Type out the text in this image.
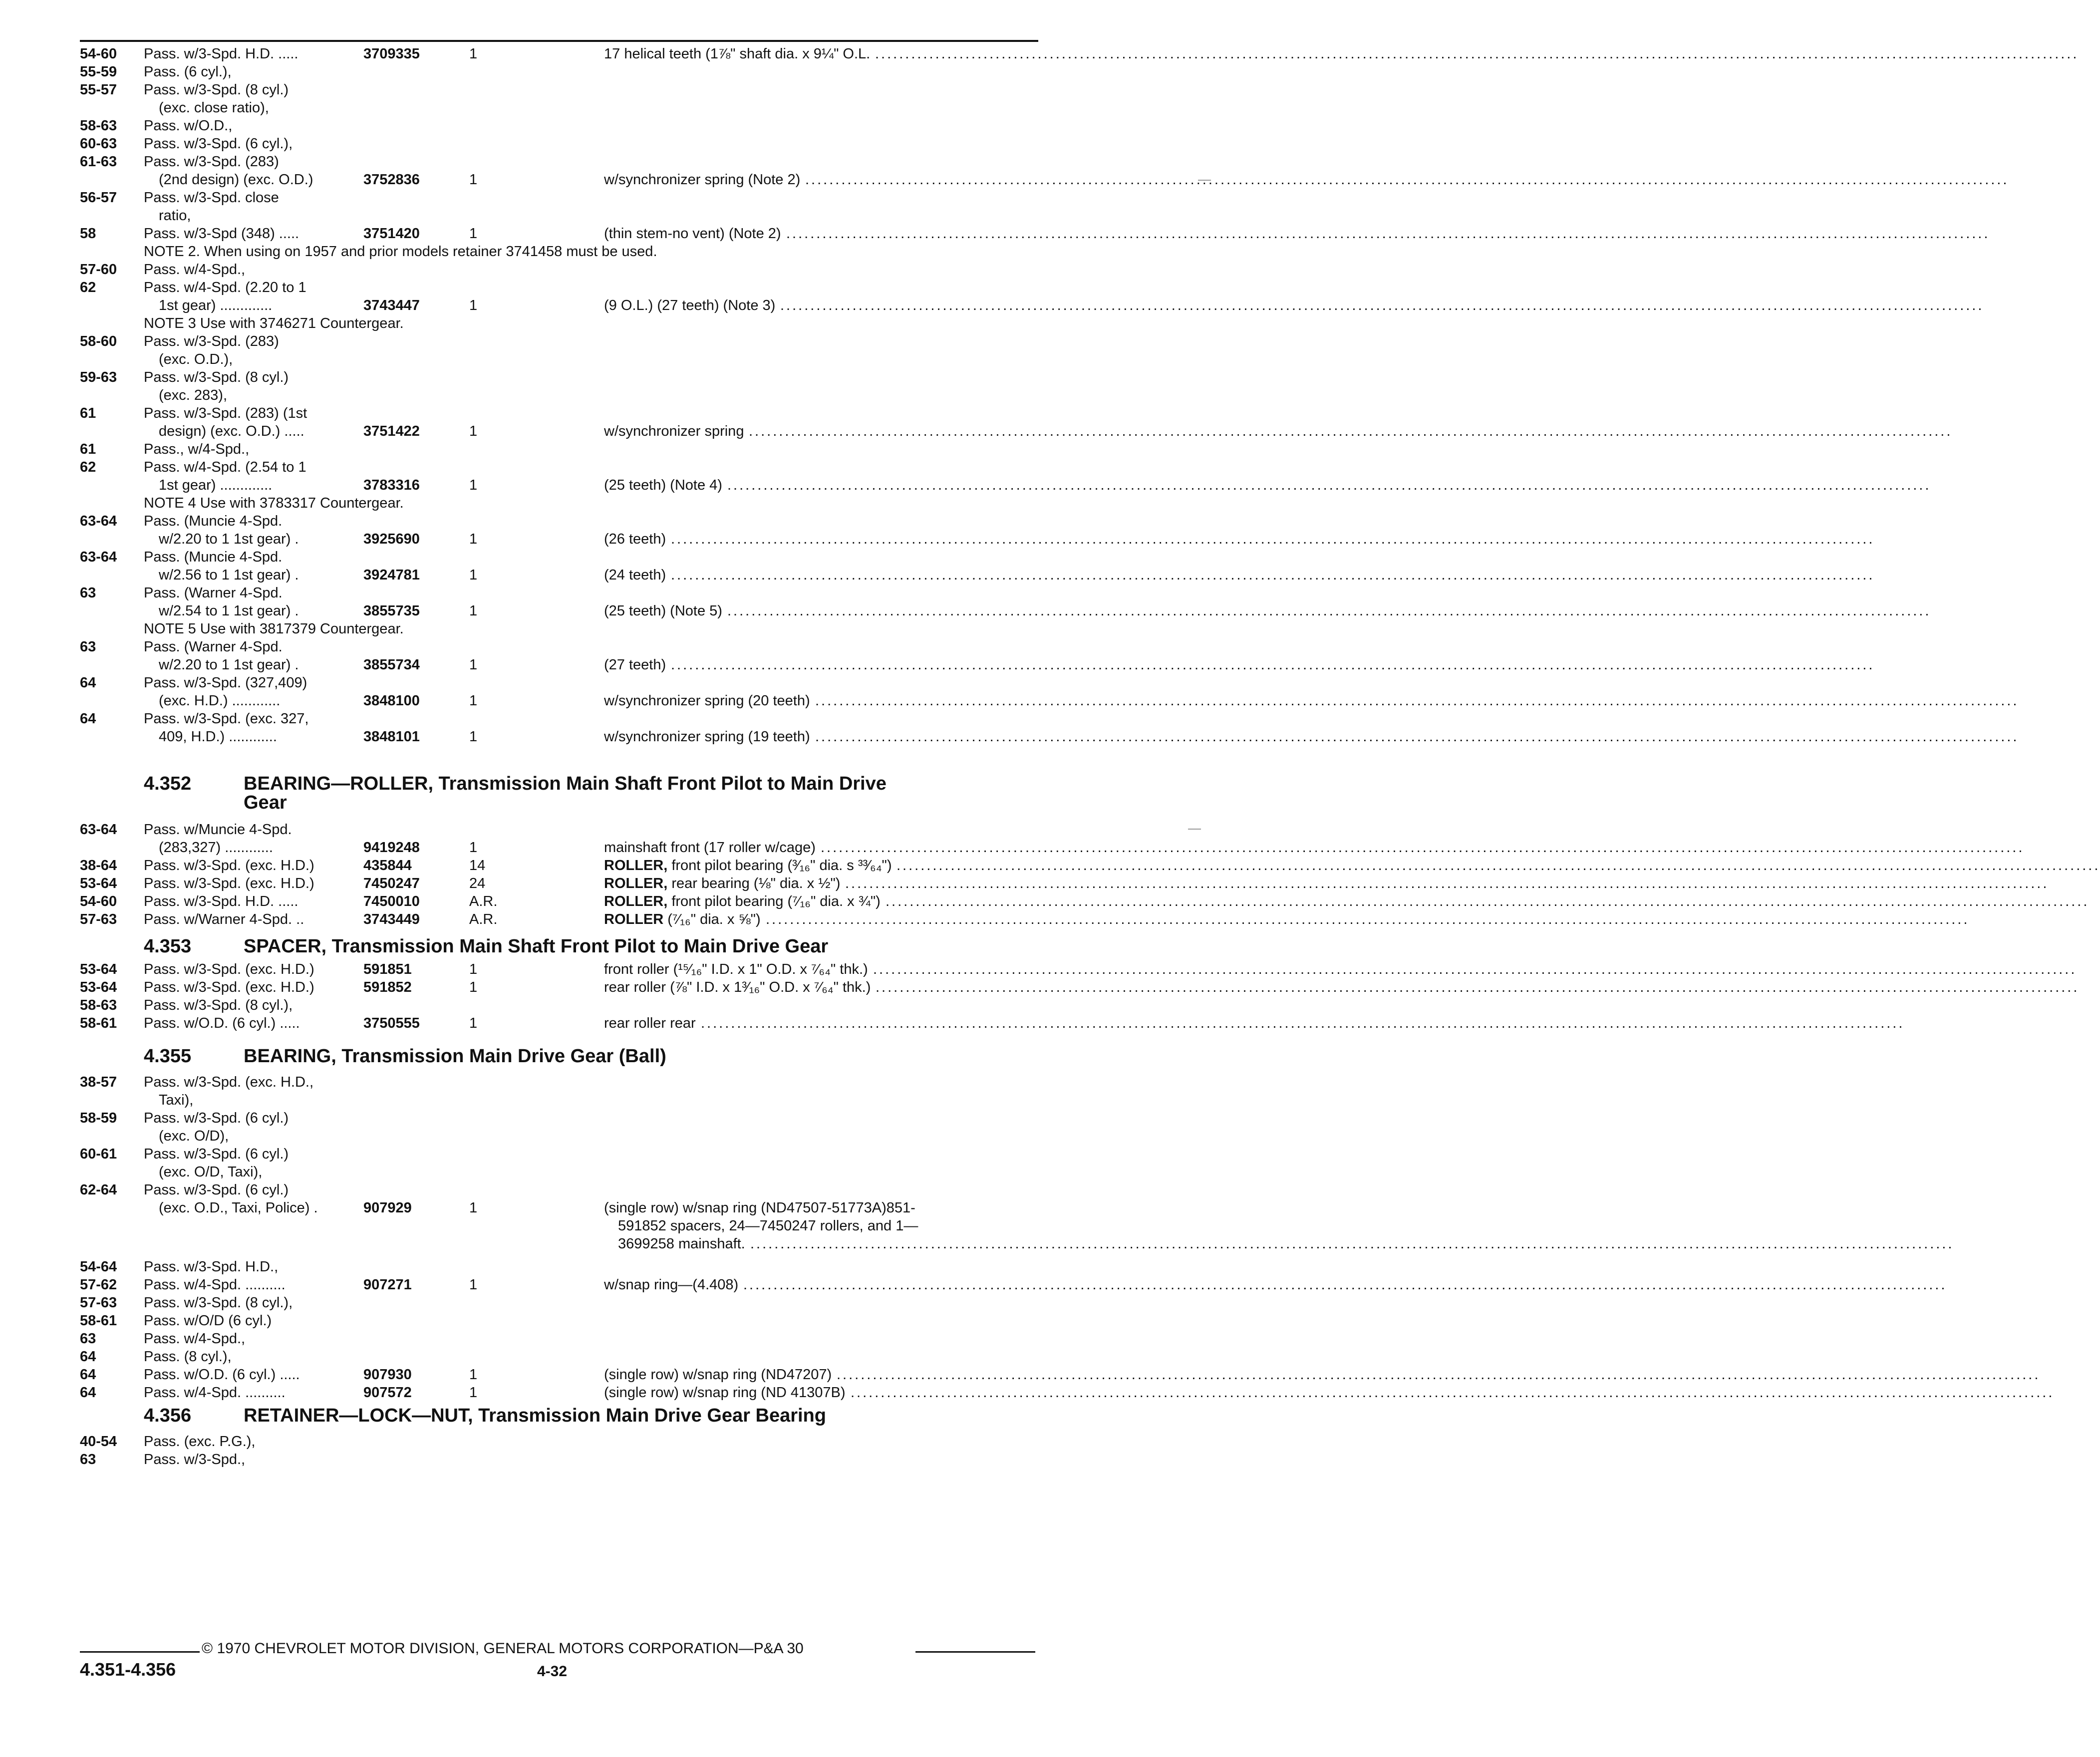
54-60 Pass. w/3-Spd. H.D. .....	3709335	1	17 helical teeth (1⅞" shaft dia. x 9¼" O.L. ........................................................................................................................................................................................................
55-59 Pass. (6 cyl.),
55-57 Pass. w/3-Spd. (8 cyl.)
(exc. close ratio),
58-63 Pass. w/O.D.,
60-63 Pass. w/3-Spd. (6 cyl.),
61-63 Pass. w/3-Spd. (283)
(2nd design) (exc. O.D.)	3752836	1	w/synchronizer spring (Note 2) ........................................................................................................................................................................................................
56-57 Pass. w/3-Spd. close
ratio,
58	Pass. w/3-Spd (348) .....	3751420	1	(thin stem-no vent) (Note 2) ........................................................................................................................................................................................................
NOTE 2. When using on 1957 and prior models retainer 3741458 must be used.
57-60 Pass. w/4-Spd.,
62	Pass. w/4-Spd. (2.20 to 1
1st gear) .............	3743447	1	(9 O.L.) (27 teeth) (Note 3) ........................................................................................................................................................................................................
NOTE 3 Use with 3746271 Countergear.
58-60 Pass. w/3-Spd. (283)
(exc. O.D.),
59-63 Pass. w/3-Spd. (8 cyl.)
(exc. 283),
61	Pass. w/3-Spd. (283) (1st
design) (exc. O.D.) .....	3751422	1	w/synchronizer spring ........................................................................................................................................................................................................
61	Pass., w/4-Spd.,
62	Pass. w/4-Spd. (2.54 to 1
1st gear) .............	3783316	1	(25 teeth) (Note 4) ........................................................................................................................................................................................................
NOTE 4 Use with 3783317 Countergear.
63-64 Pass. (Muncie 4-Spd.
w/2.20 to 1 1st gear) .	3925690	1	(26 teeth) ........................................................................................................................................................................................................
63-64 Pass. (Muncie 4-Spd.
w/2.56 to 1 1st gear) .	3924781	1	(24 teeth) ........................................................................................................................................................................................................
63	Pass. (Warner 4-Spd.
w/2.54 to 1 1st gear) .	3855735	1	(25 teeth) (Note 5) ........................................................................................................................................................................................................
NOTE 5 Use with 3817379 Countergear.
63	Pass. (Warner 4-Spd.
w/2.20 to 1 1st gear) .	3855734	1	(27 teeth) ........................................................................................................................................................................................................
64	Pass. w/3-Spd. (327,409)
(exc. H.D.) ............	3848100	1	w/synchronizer spring (20 teeth) ........................................................................................................................................................................................................
64	Pass. w/3-Spd. (exc. 327,
409, H.D.) ............	3848101	1	w/synchronizer spring (19 teeth) ........................................................................................................................................................................................................
63-64 Pass. w/Muncie 4-Spd.
(283,327) ............	9419248	1	mainshaft front (17 roller w/cage) ........................................................................................................................................................................................................
38-64 Pass. w/3-Spd. (exc. H.D.)	435844	14	ROLLER, front pilot bearing (³⁄₁₆" dia. s ³³⁄₆₄") ........................................................................................................................................................................................................
53-64 Pass. w/3-Spd. (exc. H.D.)	7450247	24	ROLLER, rear bearing (⅛" dia. x ½") ........................................................................................................................................................................................................
54-60 Pass. w/3-Spd. H.D. .....	7450010	A.R.	ROLLER, front pilot bearing (⁷⁄₁₆" dia. x ¾") ........................................................................................................................................................................................................
57-63 Pass. w/Warner 4-Spd. ..	3743449	A.R.	ROLLER (⁷⁄₁₆" dia. x ⅝") ........................................................................................................................................................................................................
53-64 Pass. w/3-Spd. (exc. H.D.)	591851	1	front roller (¹⁵⁄₁₆" I.D. x 1" O.D. x ⁷⁄₆₄" thk.) ........................................................................................................................................................................................................
53-64 Pass. w/3-Spd. (exc. H.D.)	591852	1	rear roller (⅞" I.D. x 1³⁄₁₆" O.D. x ⁷⁄₆₄" thk.) ........................................................................................................................................................................................................
58-63 Pass. w/3-Spd. (8 cyl.),
58-61 Pass. w/O.D. (6 cyl.) .....	3750555	1	rear roller rear ........................................................................................................................................................................................................
38-57 Pass. w/3-Spd. (exc. H.D.,
Taxi),
58-59 Pass. w/3-Spd. (6 cyl.)
(exc. O/D),
60-61 Pass. w/3-Spd. (6 cyl.)
(exc. O/D, Taxi),
62-64 Pass. w/3-Spd. (6 cyl.)
(exc. O.D., Taxi, Police) .	907929	1	(single row) w/snap ring (ND47507-51773A)851-
591852 spacers, 24—7450247 rollers, and 1—
3699258 mainshaft. ........................................................................................................................................................................................................
54-64 Pass. w/3-Spd. H.D.,
57-62 Pass. w/4-Spd. ..........	907271	1	w/snap ring—(4.408) ........................................................................................................................................................................................................
57-63 Pass. w/3-Spd. (8 cyl.),
58-61 Pass. w/O/D (6 cyl.)
63	Pass. w/4-Spd.,
64	Pass. (8 cyl.),
64	Pass. w/O.D. (6 cyl.) .....	907930	1	(single row) w/snap ring (ND47207) ........................................................................................................................................................................................................
64	Pass. w/4-Spd. ..........	907572	1	(single row) w/snap ring (ND 41307B) ........................................................................................................................................................................................................
40-54 Pass. (exc. P.G.),
63	Pass. w/3-Spd.,
4.352	BEARING—ROLLER, Transmission Main Shaft Front Pilot to Main Drive
Gear
4.353	SPACER, Transmission Main Shaft Front Pilot to Main Drive Gear
4.355	BEARING, Transmission Main Drive Gear (Ball)
4.356	RETAINER—LOCK—NUT, Transmission Main Drive Gear Bearing
© 1970 CHEVROLET MOTOR DIVISION, GENERAL MOTORS CORPORATION—P&A 30
4.351-4.356	4-32
